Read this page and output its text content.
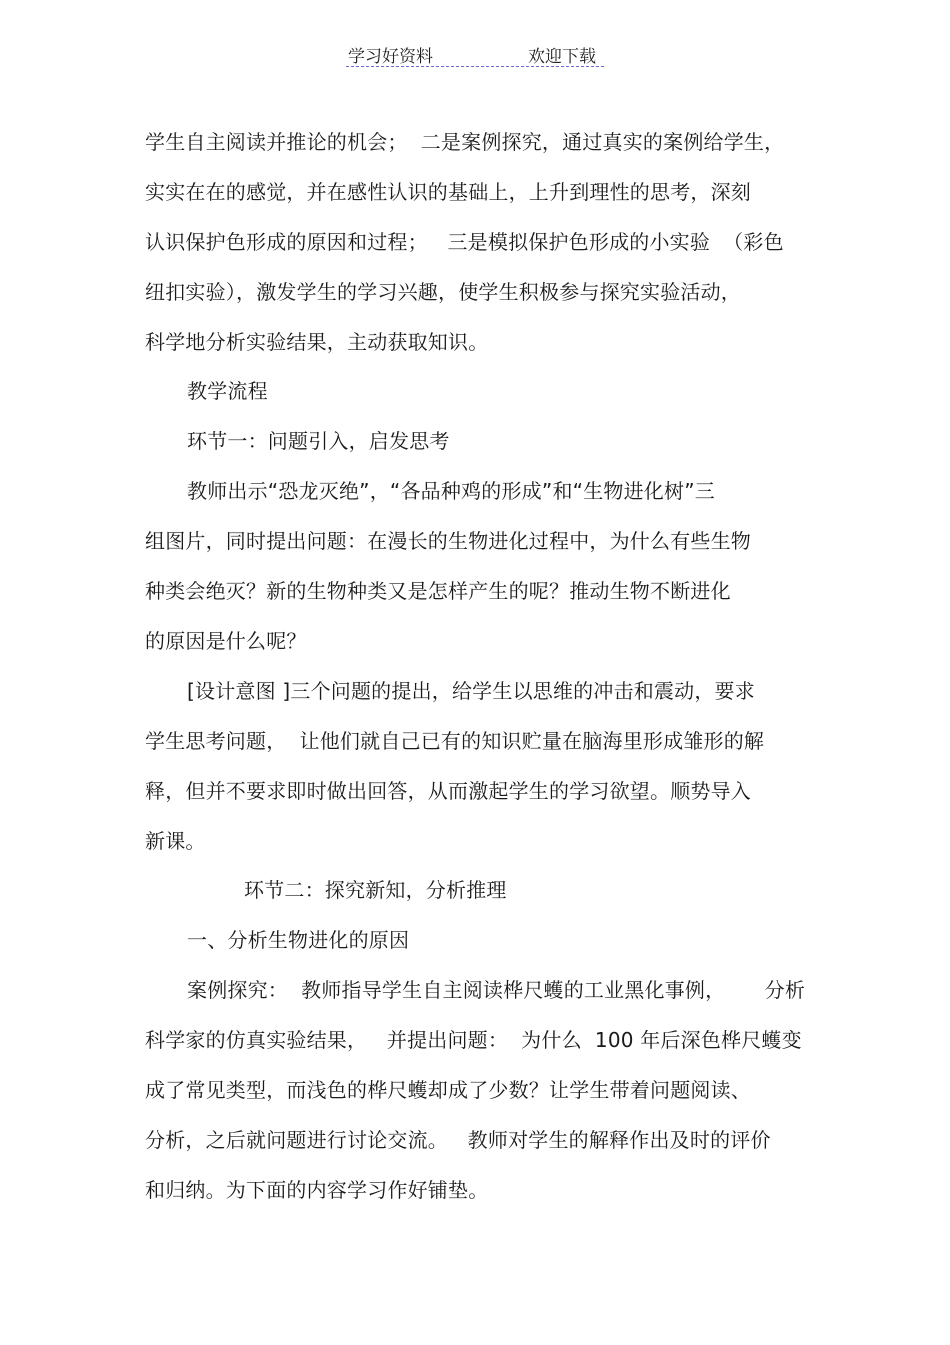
学习好资料	欢迎下载
学生自主阅读并推论的机会；  二是案例探究，通过真实的案例给学生，
实实在在的感觉，并在感性认识的基础上，上升到理性的思考，深刻
认识保护色形成的原因和过程；   三是模拟保护色形成的小实验  （彩色
纽扣实验），激发学生的学习兴趣，使学生积极参与探究实验活动，
科学地分析实验结果，主动获取知识。
教学流程
环节一：问题引入，启发思考
教师出示“恐龙灭绝”，“各品种鸡的形成”和“生物进化树”三
组图片，同时提出问题：在漫长的生物进化过程中，为什么有些生物
种类会绝灭？新的生物种类又是怎样产生的呢？推动生物不断进化
的原因是什么呢？
[设计意图 ]三个问题的提出，给学生以思维的冲击和震动，要求
学生思考问题，  让他们就自己已有的知识贮量在脑海里形成雏形的解
释，但并不要求即时做出回答，从而激起学生的学习欲望。顺势导入
新课。
环节二：探究新知，分析推理
一、分析生物进化的原因
案例探究：  教师指导学生自主阅读桦尺蠖的工业黑化事例，      分析
科学家的仿真实验结果，   并提出问题：  为什么  100 年后深色桦尺蠖变
成了常见类型，而浅色的桦尺蠖却成了少数？让学生带着问题阅读、
分析，之后就问题进行讨论交流。   教师对学生的解释作出及时的评价
和归纳。为下面的内容学习作好铺垫。
